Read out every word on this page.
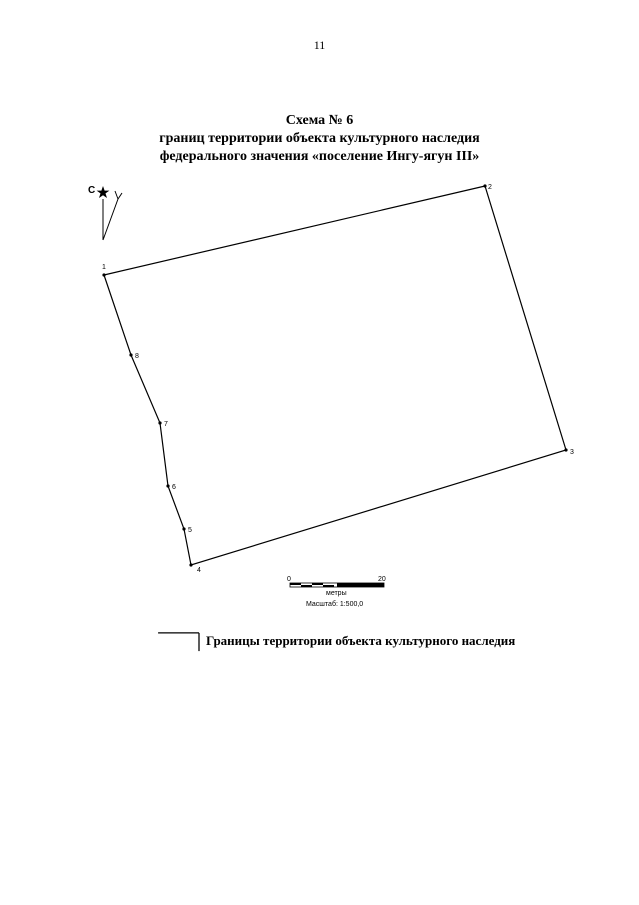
11
Схема № 6
границ территории объекта культурного наследия
федерального значения «поселение Ингу-ягун III»
С
1
2
3
4
5
6
7
8
0	20
метры
Масштаб: 1:500,0
Границы территории объекта культурного наследия
